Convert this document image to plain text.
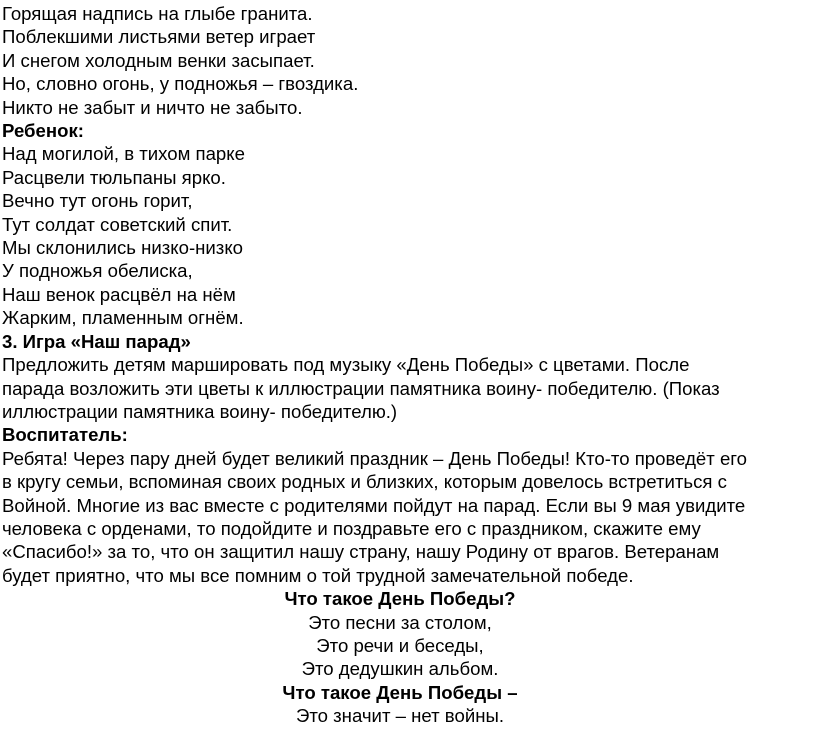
Горящая надпись на глыбе гранита.
Поблекшими листьями ветер играет
И снегом холодным венки засыпает.
Но, словно огонь, у подножья – гвоздика.
Никто не забыт и ничто не забыто.
Ребенок:
Над могилой, в тихом парке
Расцвели тюльпаны ярко.
Вечно тут огонь горит,
Тут солдат советский спит.
Мы склонились низко-низко
У подножья обелиска,
Наш венок расцвёл на нём
Жарким, пламенным огнём.
3. Игра «Наш парад»
Предложить детям маршировать под музыку «День Победы» с цветами. После
парада возложить эти цветы к иллюстрации памятника воину- победителю. (Показ
иллюстрации памятника воину- победителю.)
Воспитатель:
Ребята! Через пару дней будет великий праздник – День Победы! Кто-то проведёт его
в кругу семьи, вспоминая своих родных и близких, которым довелось встретиться с
Войной. Многие из вас вместе с родителями пойдут на парад. Если вы 9 мая увидите
человека с орденами, то подойдите и поздравьте его с праздником, скажите ему
«Спасибо!» за то, что он защитил нашу страну, нашу Родину от врагов. Ветеранам
будет приятно, что мы все помним о той трудной замечательной победе.
Что такое День Победы?
Это песни за столом,
Это речи и беседы,
Это дедушкин альбом.
Что такое День Победы –
Это значит – нет войны.
